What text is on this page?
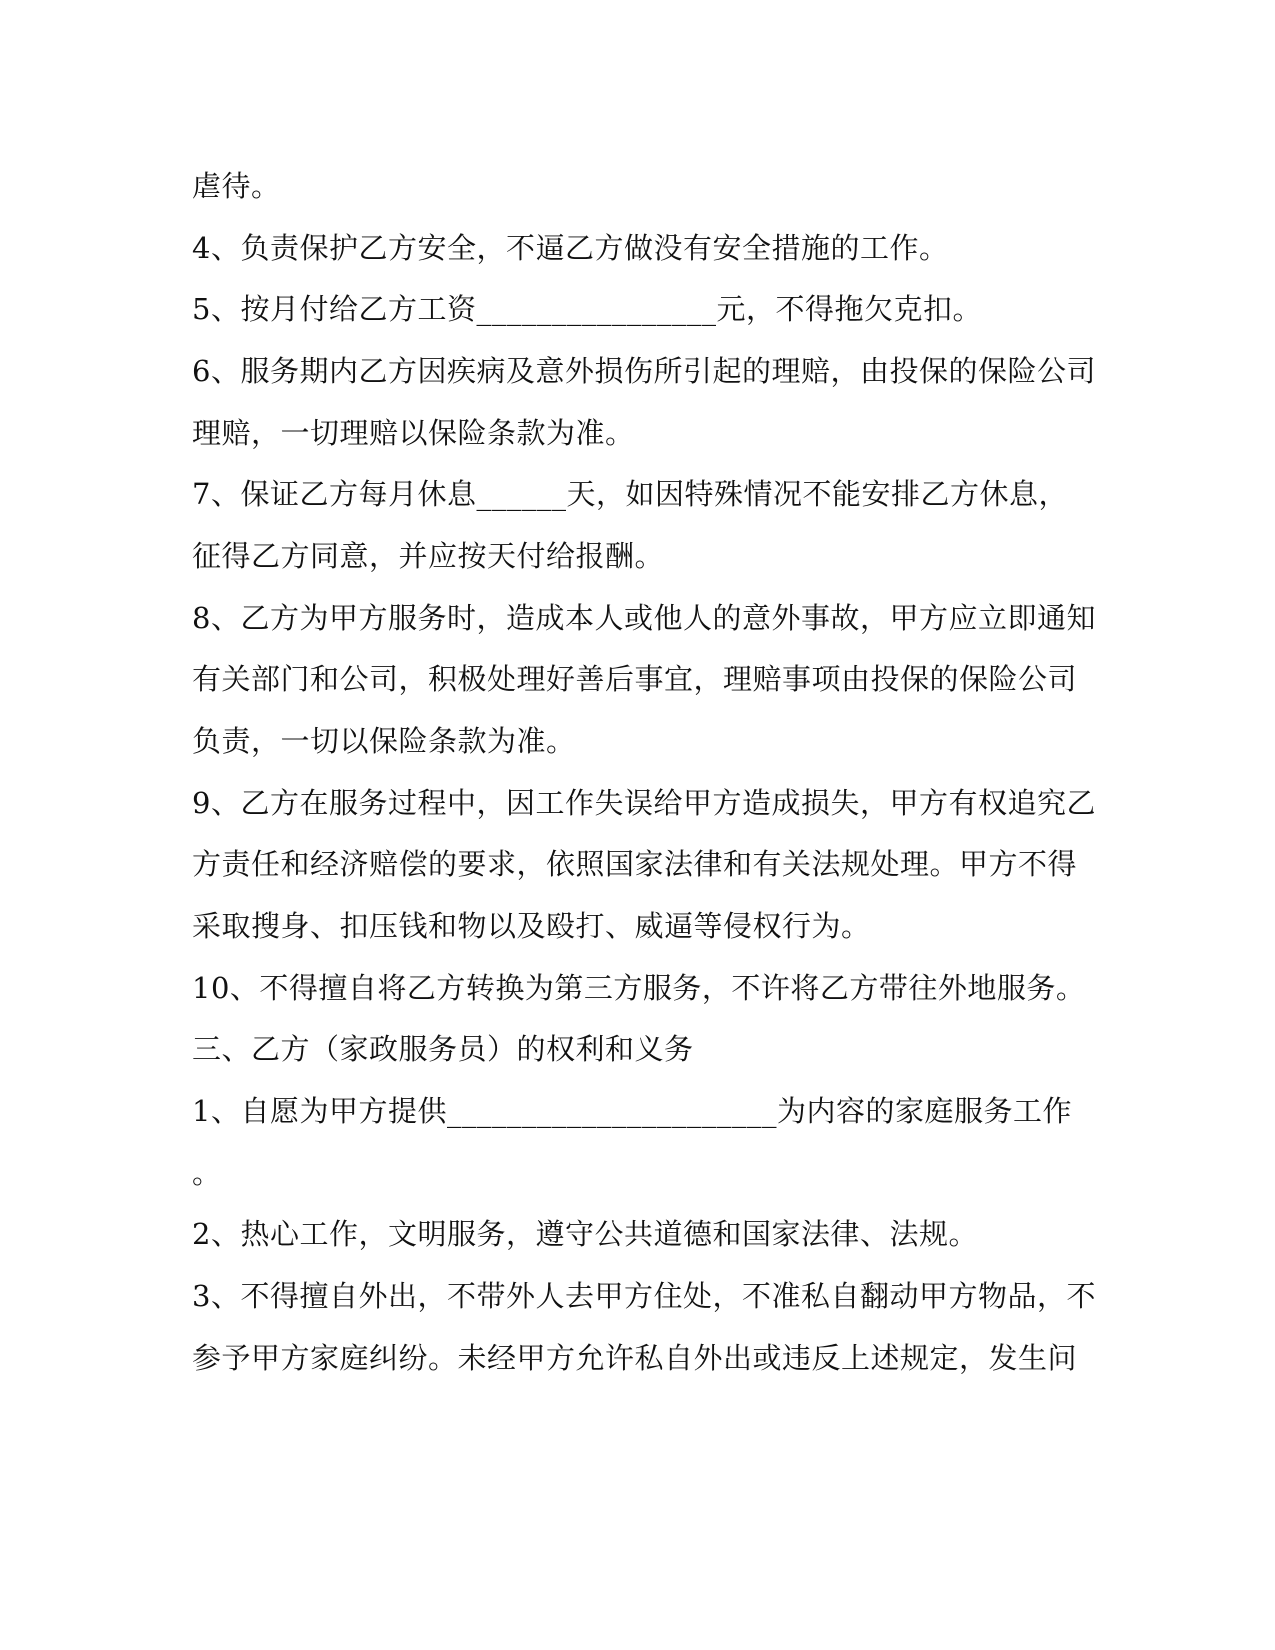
虐待。
4、负责保护乙方安全，不逼乙方做没有安全措施的工作。
5、按月付给乙方工资________________元，不得拖欠克扣。
6、服务期内乙方因疾病及意外损伤所引起的理赔，由投保的保险公司
理赔，一切理赔以保险条款为准。
7、保证乙方每月休息______天，如因特殊情况不能安排乙方休息，
征得乙方同意，并应按天付给报酬。
8、乙方为甲方服务时，造成本人或他人的意外事故，甲方应立即通知
有关部门和公司，积极处理好善后事宜，理赔事项由投保的保险公司
负责，一切以保险条款为准。
9、乙方在服务过程中，因工作失误给甲方造成损失，甲方有权追究乙
方责任和经济赔偿的要求，依照国家法律和有关法规处理。甲方不得
采取搜身、扣压钱和物以及殴打、威逼等侵权行为。
10、不得擅自将乙方转换为第三方服务，不许将乙方带往外地服务。
三、乙方（家政服务员）的权利和义务
1、自愿为甲方提供______________________为内容的家庭服务工作
。
2、热心工作，文明服务，遵守公共道德和国家法律、法规。
3、不得擅自外出，不带外人去甲方住处，不准私自翻动甲方物品，不
参予甲方家庭纠纷。未经甲方允许私自外出或违反上述规定，发生问
